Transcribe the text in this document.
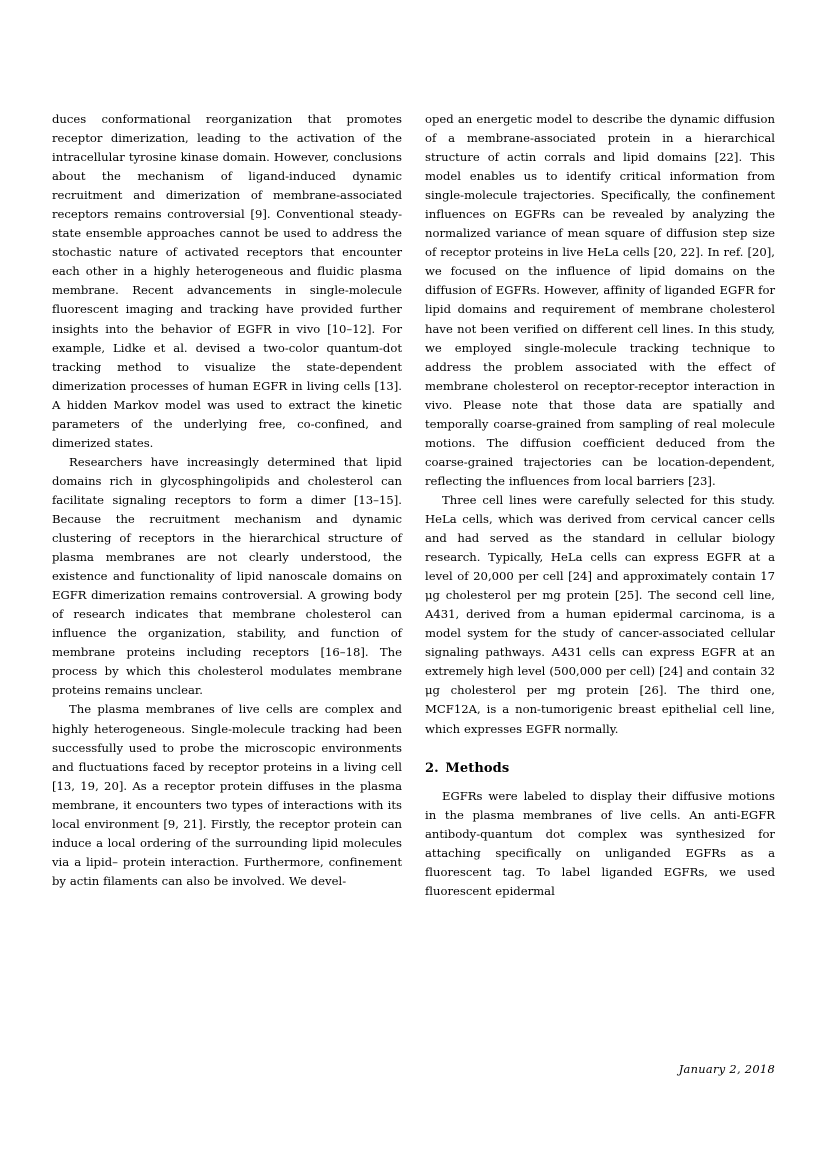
duces conformational reorganization that promotes receptor dimerization, leading to the activation of the intracellular tyrosine kinase domain. However, conclusions about the mechanism of ligand-induced dynamic recruitment and dimerization of membrane-associated receptors remains controversial [9]. Conventional steady-state ensemble approaches cannot be used to address the stochastic nature of activated receptors that encounter each other in a highly heterogeneous and fluidic plasma membrane. Recent advancements in single-molecule fluorescent imaging and tracking have provided further insights into the behavior of EGFR in vivo [10–12]. For example, Lidke et al. devised a two-color quantum-dot tracking method to visualize the state-dependent dimerization processes of human EGFR in living cells [13]. A hidden Markov model was used to extract the kinetic parameters of the underlying free, co-confined, and dimerized states.

Researchers have increasingly determined that lipid domains rich in glycosphingolipids and cholesterol can facilitate signaling receptors to form a dimer [13–15]. Because the recruitment mechanism and dynamic clustering of receptors in the hierarchical structure of plasma membranes are not clearly understood, the existence and functionality of lipid nanoscale domains on EGFR dimerization remains controversial. A growing body of research indicates that membrane cholesterol can influence the organization, stability, and function of membrane proteins including receptors [16–18]. The process by which this cholesterol modulates membrane proteins remains unclear.

The plasma membranes of live cells are complex and highly heterogeneous. Single-molecule tracking had been successfully used to probe the microscopic environments and fluctuations faced by receptor proteins in a living cell [13, 19, 20]. As a receptor protein diffuses in the plasma membrane, it encounters two types of interactions with its local environment [9, 21]. Firstly, the receptor protein can induce a local ordering of the surrounding lipid molecules via a lipid– protein interaction. Furthermore, confinement by actin filaments can also be involved. We devel-

oped an energetic model to describe the dynamic diffusion of a membrane-associated protein in a hierarchical structure of actin corrals and lipid domains [22]. This model enables us to identify critical information from single-molecule trajectories. Specifically, the confinement influences on EGFRs can be revealed by analyzing the normalized variance of mean square of diffusion step size of receptor proteins in live HeLa cells [20, 22]. In ref. [20], we focused on the influence of lipid domains on the diffusion of EGFRs. However, affinity of liganded EGFR for lipid domains and requirement of membrane cholesterol have not been verified on different cell lines. In this study, we employed single-molecule tracking technique to address the problem associated with the effect of membrane cholesterol on receptor-receptor interaction in vivo. Please note that those data are spatially and temporally coarse-grained from sampling of real molecule motions. The diffusion coefficient deduced from the coarse-grained trajectories can be location-dependent, reflecting the influences from local barriers [23].

Three cell lines were carefully selected for this study. HeLa cells, which was derived from cervical cancer cells and had served as the standard in cellular biology research. Typically, HeLa cells can express EGFR at a level of 20,000 per cell [24] and approximately contain 17 μg cholesterol per mg protein [25]. The second cell line, A431, derived from a human epidermal carcinoma, is a model system for the study of cancer-associated cellular signaling pathways. A431 cells can express EGFR at an extremely high level (500,000 per cell) [24] and contain 32 μg cholesterol per mg protein [26]. The third one, MCF12A, is a non-tumorigenic breast epithelial cell line, which expresses EGFR normally.

2. Methods

EGFRs were labeled to display their diffusive motions in the plasma membranes of live cells. An anti-EGFR antibody-quantum dot complex was synthesized for attaching specifically on unliganded EGFRs as a fluorescent tag. To label liganded EGFRs, we used fluorescent epidermal

January 2, 2018
